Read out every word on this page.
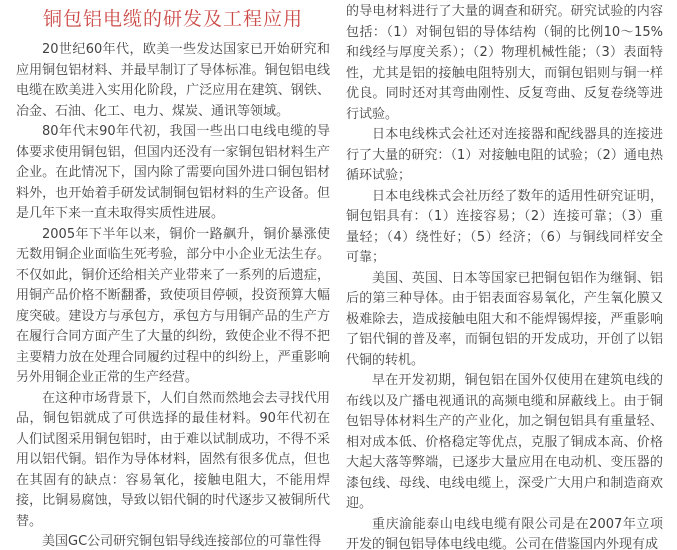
铜包铝电缆的研发及工程应用

20世纪60年代，欧美一些发达国家已开始研究和应用铜包铝材料、并最早制订了导体标准。铜包铝电线电缆在欧美进入实用化阶段，广泛应用在建筑、钢铁、冶金、石油、化工、电力、煤炭、通讯等领域。

80年代末90年代初，我国一些出口电线电缆的导体要求使用铜包铝，但国内还没有一家铜包铝材料生产企业。在此情况下，国内除了需要向国外进口铜包铝材料外，也开始着手研发试制铜包铝材料的生产设备。但是几年下来一直未取得实质性进展。

2005年下半年以来，铜价一路飙升，铜价暴涨使无数用铜企业面临生死考验，部分中小企业无法生存。不仅如此，铜价还给相关产业带来了一系列的后遗症，用铜产品价格不断翻番，致使项目停顿，投资预算大幅度突破。建设方与承包方，承包方与用铜产品的生产方在履行合同方面产生了大量的纠纷，致使企业不得不把主要精力放在处理合同履约过程中的纠纷上，严重影响另外用铜企业正常的生产经营。

在这种市场背景下，人们自然而然地会去寻找代用品，铜包铝就成了可供选择的最佳材料。90年代初在人们试图采用铜包铝时，由于难以试制成功，不得不采用以铝代铜。铝作为导体材料，固然有很多优点，但也在其固有的缺点：容易氧化，接触电阻大，不能用焊接，比铜易腐蚀，导致以铝代铜的时代逐步又被铜所代替。

美国GC公司研究铜包铝导线连接部位的可靠性得

的导电材料进行了大量的调查和研究。研究试验的内容包括：（1）对铜包铝的导体结构（铜的比例10～15%和线经与厚度关系）；（2）物理机械性能；（3）表面特性，尤其是铝的接触电阻特别大，而铜包铝则与铜一样优良。同时还对其弯曲刚性、反复弯曲、反复卷绕等进行试验。

日本电线株式会社还对连接器和配线器具的连接进行了大量的研究：（1）对接触电阻的试验；（2）通电热循环试验；

日本电线株式会社历经了数年的适用性研究证明，铜包铝具有：（1）连接容易；（2）连接可靠；（3）重量轻；（4）绕性好；（5）经济；（6）与铜线同样安全可靠；

美国、英国、日本等国家已把铜包铝作为继铜、铝后的第三种导体。由于铝表面容易氧化，产生氧化膜又极难除去，造成接触电阻大和不能焊锡焊接，严重影响了铝代铜的普及率，而铜包铝的开发成功，开创了以铝代铜的转机。

早在开发初期，铜包铝在国外仅使用在建筑电线的布线以及广播电视通讯的高频电缆和屏蔽线上。由于铜包铝导体材料生产的产业化，加之铜包铝具有重量轻、相对成本低、价格稳定等优点，克服了铜成本高、价格大起大落等弊端，已逐步大量应用在电动机、变压器的漆包线、母线、电线电缆上，深受广大用户和制造商欢迎。

重庆渝能泰山电线电缆有限公司是在2007年立项开发的铜包铝导体电线电缆。公司在借鉴国内外现有成
